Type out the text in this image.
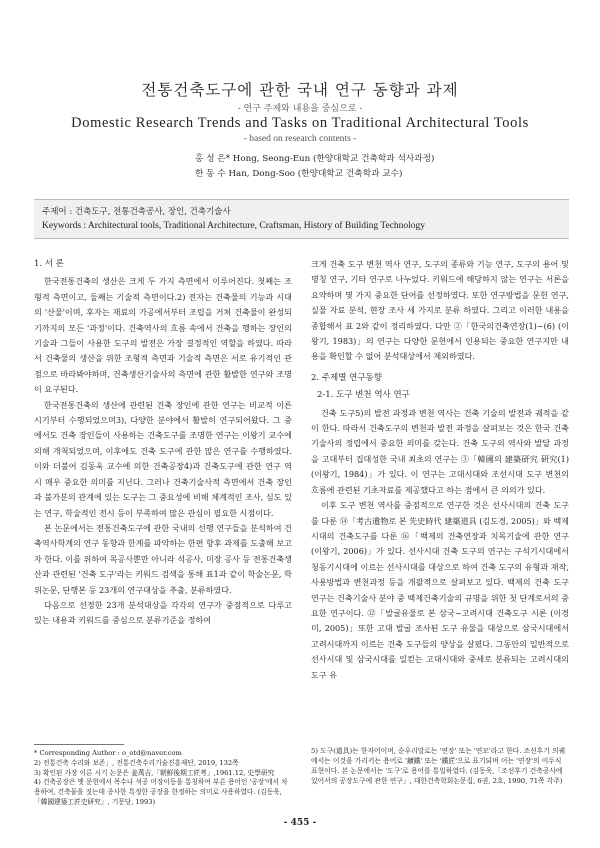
전통건축도구에 관한 국내 연구 동향과 과제
- 연구 주제와 내용을 중심으로 -
Domestic Research Trends and Tasks on Traditional Architectural Tools
- based on research contents -
홍 성 은* Hong, Seong-Eun (한양대학교 건축학과 석사과정)
한 동 수 Han, Dong-Soo (한양대학교 건축학과 교수)
주제어 : 건축도구, 전통건축공사, 장인, 건축기술사
Keywords : Architectural tools, Traditional Architecture, Craftsman, History of Building Technology
1. 서 론

한국전통건축의 생산은 크게 두 가지 측면에서 이루어진다. 첫째는 조형적 측면이고, 둘째는 기술적 측면이다.2) 전자는 건축물의 기능과 시대의 '산물'이며, 후자는 재료의 가공에서부터 조립을 거쳐 건축물이 완성되기까지의 모든 '과정'이다. 건축역사의 흐름 속에서 건축을 행하는 장인의 기술과 그들이 사용한 도구의 발전은 가장 결정적인 역할을 하였다. 따라서 건축물의 생산을 위한 조형적 측면과 기술적 측면은 서로 유기적인 관점으로 바라봐야하며, 건축생산기술사의 측면에 관한 활발한 연구와 조명이 요구된다.

한국전통건축의 생산에 관련된 건축 장인에 관한 연구는 비교적 이른 시기부터 수행되었으며3), 다양한 분야에서 활발히 연구되어왔다. 그 중에서도 건축 장인들이 사용하는 건축도구를 조명한 연구는 이왕기 교수에 의해 개척되었으며, 이후에도 건축 도구에 관한 많은 연구를 수행하였다. 이와 더불어 김동욱 교수에 의한 건축공장4)과 건축도구에 관한 연구 역시 매우 중요한 의미를 지닌다. 그러나 건축기술사적 측면에서 건축 장인과 불가분의 관계에 있는 도구는 그 중요성에 비해 체계적인 조사, 심도 있는 연구, 학술적인 전시 등이 부족하여 많은 관심이 필요한 시점이다.

본 논문에서는 전통건축도구에 관한 국내의 선행 연구들을 분석하여 건축역사학계의 연구 동향과 한계를 파악하는 한편 향후 과제를 도출해 보고자 한다. 이를 위하여 목공사뿐만 아니라 석공사, 미장 공사 등 전통건축생산과 관련된 '건축 도구'라는 키워드 검색을 통해 표1과 같이 학술논문, 학위논문, 단행본 등 23개의 연구대상을 추출, 분류하였다.

다음으로 선정한 23개 분석대상을 각각의 연구가 중점적으로 다루고 있는 내용과 키워드를 중심으로 분류기준을 정하여

크게 건축 도구 변천 역사 연구, 도구의 종류와 기능 연구, 도구의 용어 및 명칭 연구, 기타 연구로 나누었다. 키워드에 해당하지 않는 연구는 서론을 요약하며 몇 가지 중요한 단어를 선정하였다. 또한 연구방법을 문헌 연구, 실물 자료 분석, 현장 조사 세 가지로 분류 하였다. 그리고 이러한 내용을 종합해서 표 2와 같이 정리하였다. 다만 ②「한국의건축연장(1)~(6) (이왕기, 1983)」의 연구는 다양한 문헌에서 인용되는 중요한 연구지만 내용을 확인할 수 없어 분석대상에서 제외하였다.

2. 주제별 연구동향
2-1. 도구 변천 역사 연구

건축 도구5)의 발전 과정과 변천 역사는 건축 기술의 발전과 궤적을 같이 한다. 따라서 건축도구의 변천과 발전 과정을 살펴보는 것은 한국 건축기술사의 정립에서 중요한 의미를 갖는다. 건축 도구의 역사와 발달 과정을 고대부터 집대성한 국내 최초의 연구는 ③「韓國의 建築研究 硏究(1) (이왕기, 1984)」가 있다. 이 연구는 고대시대와 조선시대 도구 변천의 흐름에 관련된 기초자료를 제공했다고 하는 점에서 큰 의의가 있다.

이후 도구 변천 역사를 중점적으로 연구한 것은 선사시대의 건축 도구를 다룬 ⑭「考古遺物로 본 先史時代 建築道具 (김도경, 2005)」와 백제시대의 건축도구를 다룬 ⑯「백제의 건축연장과 치목기술에 관한 연구 (이왕기, 2006)」가 있다. 선사시대 건축 도구의 연구는 구석기시대에서 청동기시대에 이르는 선사시대를 대상으로 하여 건축 도구의 유형과 재작, 사용방법과 변천과정 등을 개괄적으로 살펴보고 있다. 백제의 건축 도구 연구는 건축기술사 분야 중 백제건축기술의 규명을 위한 첫 단계로서의 중요한 연구이다. ⑫「발굴유물로 본 삼국~고려시대 건축도구 시론 (이경미, 2005)」또한 고대 발굴 조사된 도구 유물을 대상으로 삼국시대에서 고려시대까지 이르는 건축 도구들의 양상을 살폈다. 그동안의 일반적으로 선사시대 및 삼국시대를 일컫는 고대시대와 중세로 분류되는 고려시대의 도구 유

* Corresponding Author : o_otd@naver.com

2) 전통건축 수리와 보존」, 전통건축수리기술진흥재단, 2019, 132쪽

3) 확인된 가장 이른 시기 논문은 姜萬吉,「朝鮮後期工匠考」,1961.12, 史學研究

4) 건축공장은 옛 문헌에서 목수나 석공 미장이등을 통칭하여 부른 용어인 '공장'에서 차용하여, 건축물을 짓는데 종사한 특정한 공장을 한정하는 의미로 사용하였다. (김동욱,「韓國建築工匠史研究」, 기문당, 1993)

5) 도구(道具)는 한자어이며, 순우리말로는 '연장' 또는 '연모'라고 한다. 조선후기 의궤에서는 이것을 가리키는 용어로 '鑛鐵' 또는 '鐵匠'으로 표기되며 이는 '연장'의 이두식 표현이다. 본 논문에서는 '도구'로 용어를 통일하였다. (김동욱,「조선후기 건축공사에 있어서의 공장도구에 관한 연구」, 대한건축학회논문집, 6권, 2호, 1990, 71쪽 각주)

- 455 -
